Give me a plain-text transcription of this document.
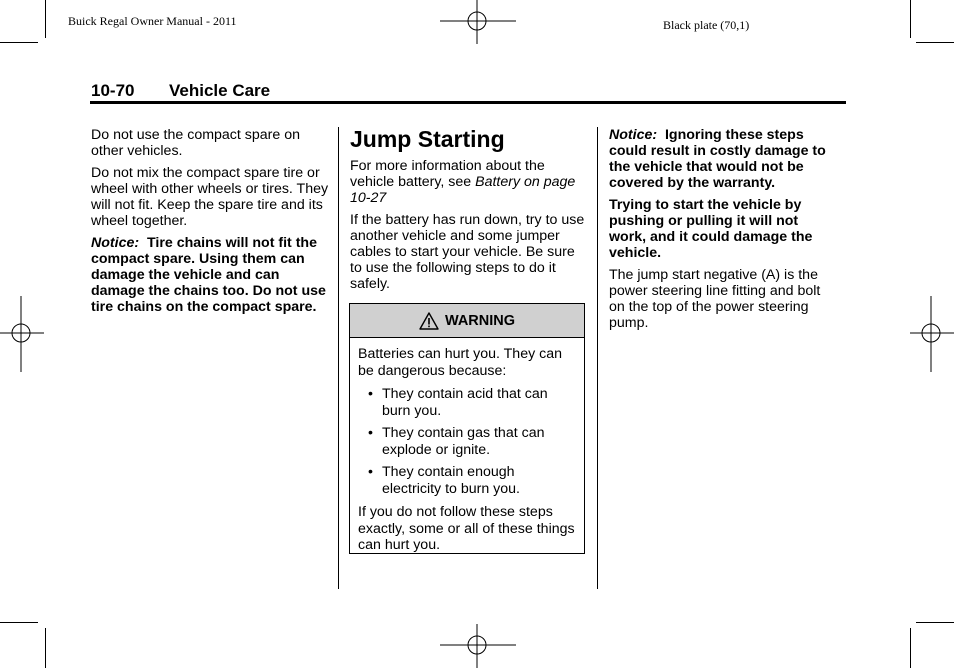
Buick Regal Owner Manual - 2011	Black plate (70,1)
10-70 Vehicle Care

Do not use the compact spare on other vehicles.

Do not mix the compact spare tire or wheel with other wheels or tires. They will not fit. Keep the spare tire and its wheel together.

Notice: Tire chains will not fit the compact spare. Using them can damage the vehicle and can damage the chains too. Do not use tire chains on the compact spare.

Jump Starting

For more information about the vehicle battery, see Battery on page 10-27

If the battery has run down, try to use another vehicle and some jumper cables to start your vehicle. Be sure to use the following steps to do it safely.

WARNING

Batteries can hurt you. They can be dangerous because:

• They contain acid that can burn you.
• They contain gas that can explode or ignite.
• They contain enough electricity to burn you.

If you do not follow these steps exactly, some or all of these things can hurt you.

Notice: Ignoring these steps could result in costly damage to the vehicle that would not be covered by the warranty.

Trying to start the vehicle by pushing or pulling it will not work, and it could damage the vehicle.

The jump start negative (A) is the power steering line fitting and bolt on the top of the power steering pump.
